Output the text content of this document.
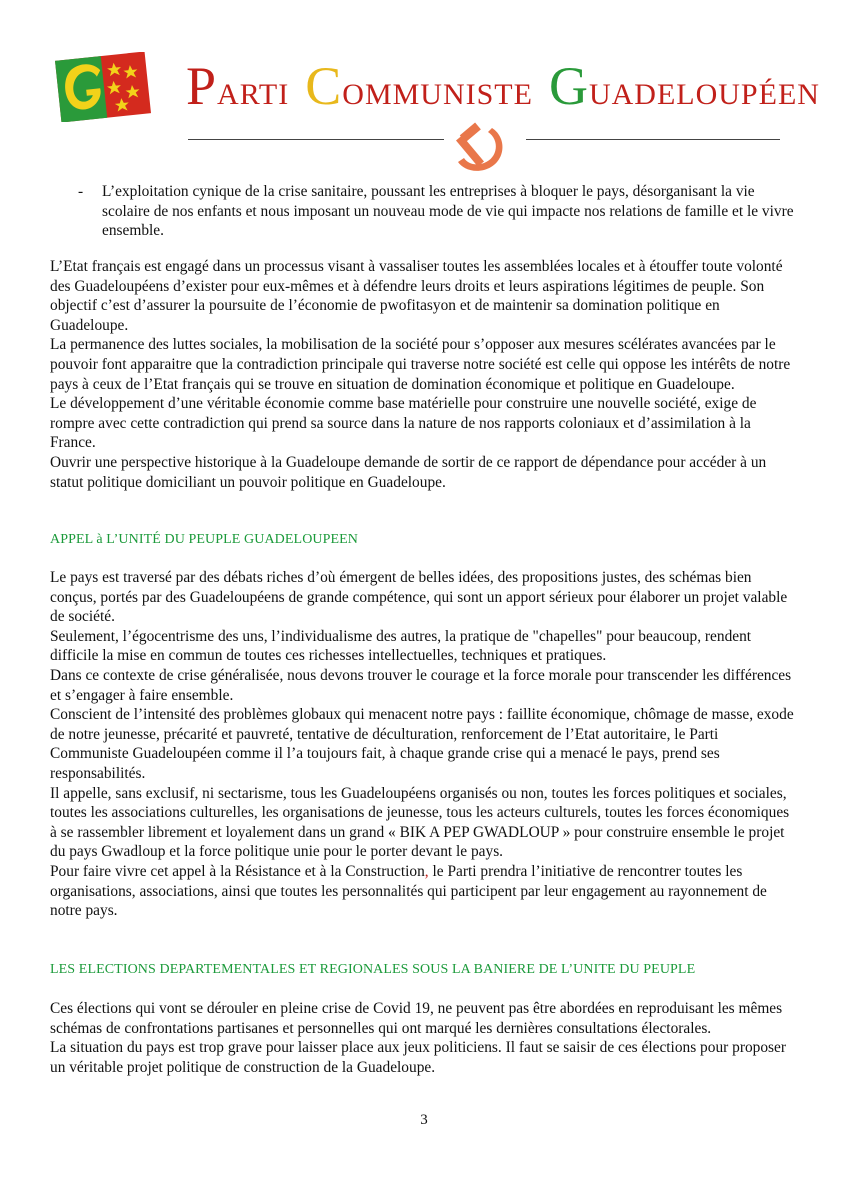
PARTI COMMUNISTE GUADELOUPÉEN
- L’exploitation cynique de la crise sanitaire, poussant les entreprises à bloquer le pays, désorganisant la vie scolaire de nos enfants et nous imposant un nouveau mode de vie qui impacte nos relations de famille et le vivre ensemble.

L’Etat français est engagé dans un processus visant à vassaliser toutes les assemblées locales et à étouffer toute volonté des Guadeloupéens d’exister pour eux-mêmes et à défendre leurs droits et leurs aspirations légitimes de peuple. Son objectif c’est d’assurer la poursuite de l’économie de pwofitasyon et de maintenir sa domination politique en Guadeloupe.

La permanence des luttes sociales, la mobilisation de la société pour s’opposer aux mesures scélérates avancées par le pouvoir font apparaitre que la contradiction principale qui traverse notre société est celle qui oppose les intérêts de notre pays à ceux de l’Etat français qui se trouve en situation de domination économique et politique en Guadeloupe.

Le développement d’une véritable économie comme base matérielle pour construire une nouvelle société, exige de rompre avec cette contradiction qui prend sa source dans la nature de nos rapports coloniaux et d’assimilation à la France.

Ouvrir une perspective historique à la Guadeloupe demande de sortir de ce rapport de dépendance pour accéder à un statut politique domiciliant un pouvoir politique en Guadeloupe.

APPEL à L’UNITÉ DU PEUPLE GUADELOUPEEN

Le pays est traversé par des débats riches d’où émergent de belles idées, des propositions justes, des schémas bien conçus, portés par des Guadeloupéens de grande compétence, qui sont un apport sérieux pour élaborer un projet valable de société.

Seulement, l’égocentrisme des uns, l’individualisme des autres, la pratique de "chapelles" pour beaucoup, rendent difficile la mise en commun de toutes ces richesses intellectuelles, techniques et pratiques.

Dans ce contexte de crise généralisée, nous devons trouver le courage et la force morale pour transcender les différences et s’engager à faire ensemble.

Conscient de l’intensité des problèmes globaux qui menacent notre pays : faillite économique, chômage de masse, exode de notre jeunesse, précarité et pauvreté, tentative de déculturation, renforcement de l’Etat autoritaire, le Parti Communiste Guadeloupéen comme il l’a toujours fait, à chaque grande crise qui a menacé le pays, prend ses responsabilités.

Il appelle, sans exclusif, ni sectarisme, tous les Guadeloupéens organisés ou non, toutes les forces politiques et sociales, toutes les associations culturelles, les organisations de jeunesse, tous les acteurs culturels, toutes les forces économiques à se rassembler librement et loyalement dans un grand « BIK A PEP GWADLOUP » pour construire ensemble le projet du pays Gwadloup et la force politique unie pour le porter devant le pays.

Pour faire vivre cet appel à la Résistance et à la Construction, le Parti prendra l’initiative de rencontrer toutes les organisations, associations, ainsi que toutes les personnalités qui participent par leur engagement au rayonnement de notre pays.

LES ELECTIONS DEPARTEMENTALES ET REGIONALES SOUS LA BANIERE DE L’UNITE DU PEUPLE

Ces élections qui vont se dérouler en pleine crise de Covid 19, ne peuvent pas être abordées en reproduisant les mêmes schémas de confrontations partisanes et personnelles qui ont marqué les dernières consultations électorales.

La situation du pays est trop grave pour laisser place aux jeux politiciens. Il faut se saisir de ces élections pour proposer un véritable projet politique de construction de la Guadeloupe.

3
